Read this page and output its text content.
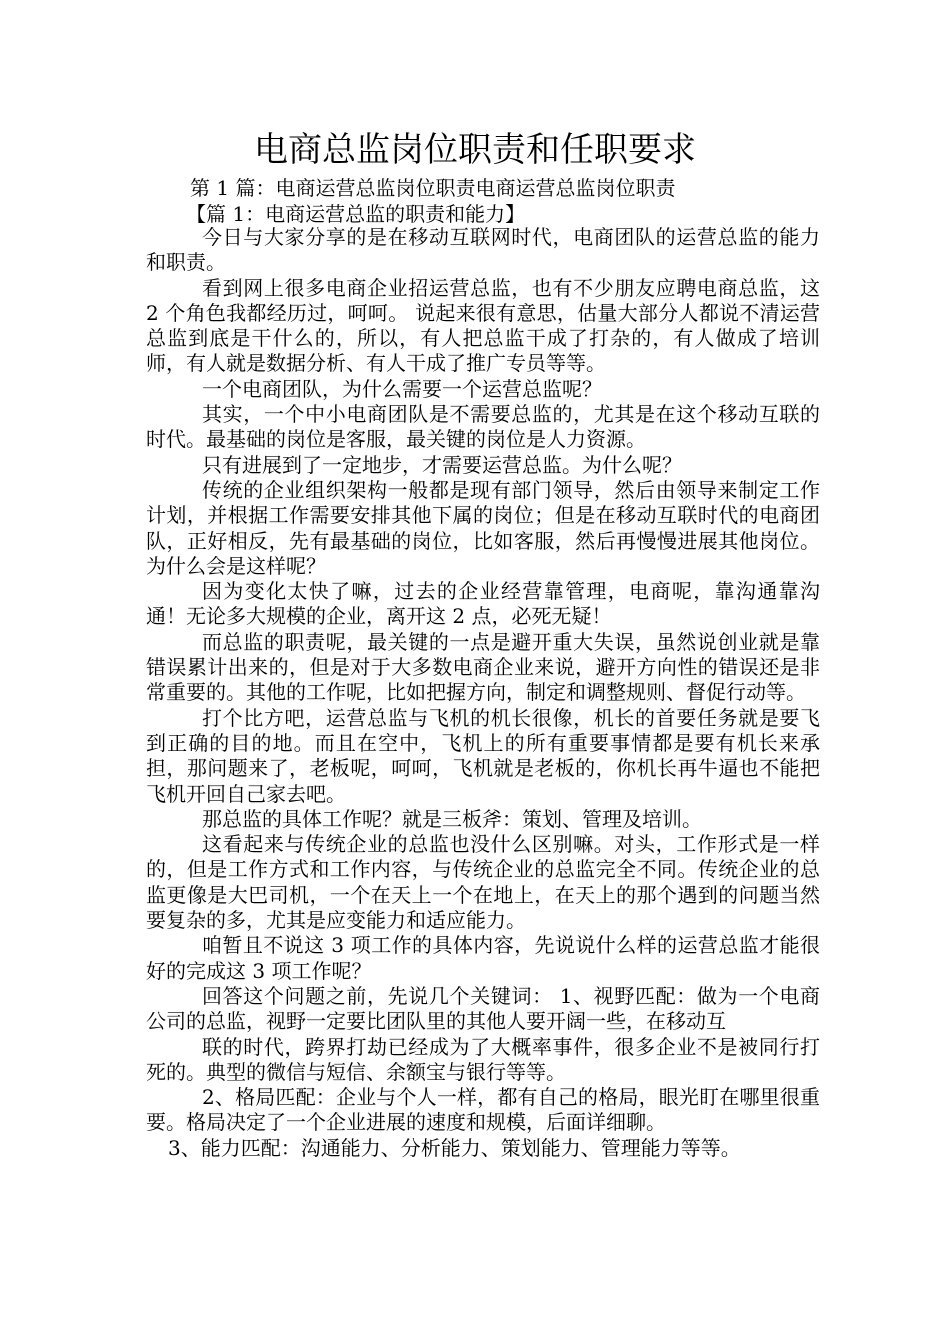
电商总监岗位职责和任职要求
第 1 篇：电商运营总监岗位职责电商运营总监岗位职责
【篇 1：电商运营总监的职责和能力】

今日与大家分享的是在移动互联网时代，电商团队的运营总监的能力和职责。

看到网上很多电商企业招运营总监，也有不少朋友应聘电商总监，这 2 个角色我都经历过，呵呵。 说起来很有意思，估量大部分人都说不清运营总监到底是干什么的，所以，有人把总监干成了打杂的，有人做成了培训师，有人就是数据分析、有人干成了推广专员等等。

一个电商团队，为什么需要一个运营总监呢？

其实，一个中小电商团队是不需要总监的，尤其是在这个移动互联的时代。最基础的岗位是客服，最关键的岗位是人力资源。

只有进展到了一定地步，才需要运营总监。为什么呢？

传统的企业组织架构一般都是现有部门领导，然后由领导来制定工作计划，并根据工作需要安排其他下属的岗位；但是在移动互联时代的电商团队，正好相反，先有最基础的岗位，比如客服，然后再慢慢进展其他岗位。为什么会是这样呢？

因为变化太快了嘛，过去的企业经营靠管理，电商呢，靠沟通靠沟通！无论多大规模的企业，离开这 2 点，必死无疑！

而总监的职责呢，最关键的一点是避开重大失误，虽然说创业就是靠错误累计出来的，但是对于大多数电商企业来说，避开方向性的错误还是非常重要的。其他的工作呢，比如把握方向，制定和调整规则、督促行动等。

打个比方吧，运营总监与飞机的机长很像，机长的首要任务就是要飞到正确的目的地。而且在空中，飞机上的所有重要事情都是要有机长来承担，那问题来了，老板呢，呵呵，飞机就是老板的，你机长再牛逼也不能把飞机开回自己家去吧。

那总监的具体工作呢？就是三板斧：策划、管理及培训。

这看起来与传统企业的总监也没什么区别嘛。对头，工作形式是一样的，但是工作方式和工作内容，与传统企业的总监完全不同。传统企业的总监更像是大巴司机，一个在天上一个在地上，在天上的那个遇到的问题当然要复杂的多，尤其是应变能力和适应能力。

咱暂且不说这 3 项工作的具体内容，先说说什么样的运营总监才能很好的完成这 3 项工作呢？

回答这个问题之前，先说几个关键词： 1、视野匹配：做为一个电商公司的总监，视野一定要比团队里的其他人要开阔一些，在移动互

联的时代，跨界打劫已经成为了大概率事件，很多企业不是被同行打死的。典型的微信与短信、余额宝与银行等等。

2、格局匹配：企业与个人一样，都有自己的格局，眼光盯在哪里很重要。格局决定了一个企业进展的速度和规模，后面详细聊。

3、能力匹配：沟通能力、分析能力、策划能力、管理能力等等。
